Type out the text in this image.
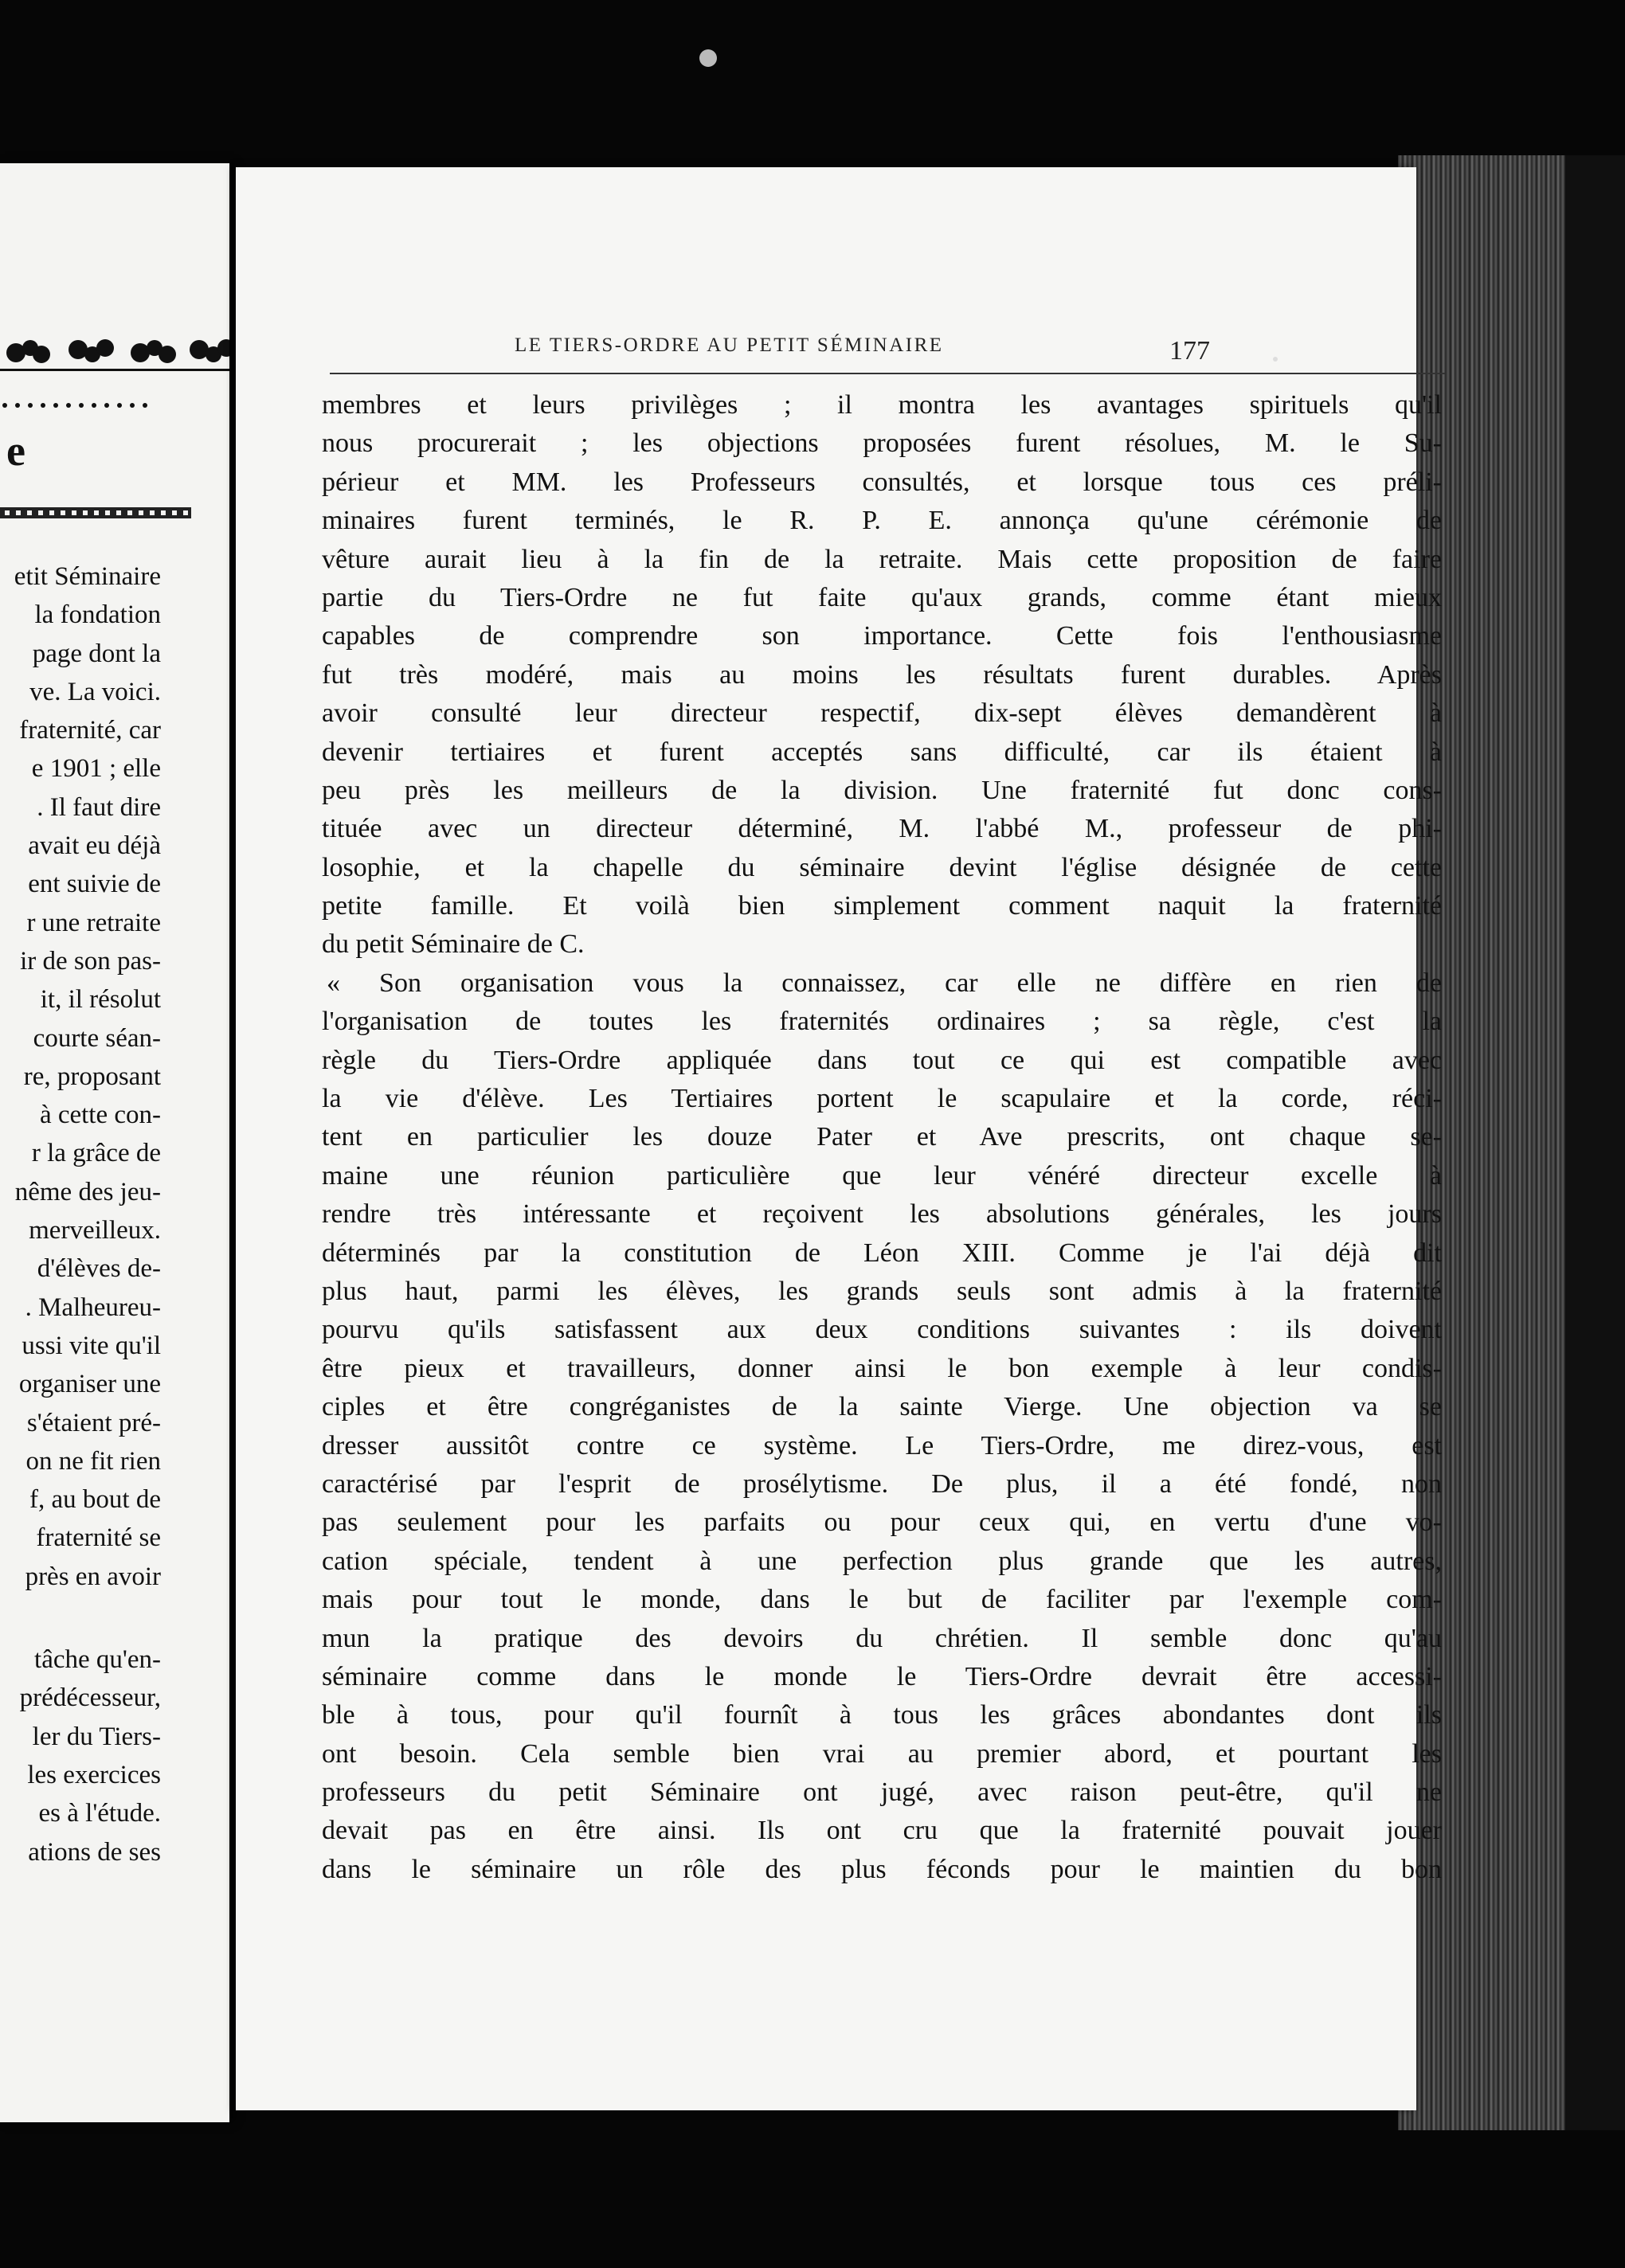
e
etit Séminaire
la fondation
page dont la
ve. La voici.
fraternité, car
e 1901 ; elle
. Il faut dire
avait eu déjà
ent suivie de
r une retraite
ir de son pas-
it, il résolut
courte séan-
re, proposant
à cette con-
r la grâce de
nême des jeu-
merveilleux.
d'élèves de-
. Malheureu-
ussi vite qu'il
organiser une
s'étaient pré-
on ne fit rien
f, au bout de
fraternité se
près en avoir
tâche qu'en-
prédécesseur,
ler du Tiers-
les exercices
es à l'étude.
ations de ses
LE TIERS-ORDRE AU PETIT SÉMINAIRE	177
membres et leurs privilèges ; il montra les avantages spirituels qu'il
nous procurerait ; les objections proposées furent résolues, M. le Su-
périeur et MM. les Professeurs consultés, et lorsque tous ces préli-
minaires furent terminés, le R. P. E. annonça qu'une cérémonie de
vêture aurait lieu à la fin de la retraite. Mais cette proposition de faire
partie du Tiers-Ordre ne fut faite qu'aux grands, comme étant mieux
capables de comprendre son importance. Cette fois l'enthousiasme
fut très modéré, mais au moins les résultats furent durables. Après
avoir consulté leur directeur respectif, dix-sept élèves demandèrent à
devenir tertiaires et furent acceptés sans difficulté, car ils étaient à
peu près les meilleurs de la division. Une fraternité fut donc cons-
tituée avec un directeur déterminé, M. l'abbé M., professeur de phi-
losophie, et la chapelle du séminaire devint l'église désignée de cette
petite famille. Et voilà bien simplement comment naquit la fraternité
du petit Séminaire de C.
« Son organisation vous la connaissez, car elle ne diffère en rien de
l'organisation de toutes les fraternités ordinaires ; sa règle, c'est la
règle du Tiers-Ordre appliquée dans tout ce qui est compatible avec
la vie d'élève. Les Tertiaires portent le scapulaire et la corde, réci-
tent en particulier les douze Pater et Ave prescrits, ont chaque se-
maine une réunion particulière que leur vénéré directeur excelle à
rendre très intéressante et reçoivent les absolutions générales, les jours
déterminés par la constitution de Léon XIII. Comme je l'ai déjà dit
plus haut, parmi les élèves, les grands seuls sont admis à la fraternité
pourvu qu'ils satisfassent aux deux conditions suivantes : ils doivent
être pieux et travailleurs, donner ainsi le bon exemple à leur condis-
ciples et être congréganistes de la sainte Vierge. Une objection va se
dresser aussitôt contre ce système. Le Tiers-Ordre, me direz-vous, est
caractérisé par l'esprit de prosélytisme. De plus, il a été fondé, non
pas seulement pour les parfaits ou pour ceux qui, en vertu d'une vo-
cation spéciale, tendent à une perfection plus grande que les autres,
mais pour tout le monde, dans le but de faciliter par l'exemple com-
mun la pratique des devoirs du chrétien. Il semble donc qu'au
séminaire comme dans le monde le Tiers-Ordre devrait être accessi-
ble à tous, pour qu'il fournît à tous les grâces abondantes dont ils
ont besoin. Cela semble bien vrai au premier abord, et pourtant les
professeurs du petit Séminaire ont jugé, avec raison peut-être, qu'il ne
devait pas en être ainsi. Ils ont cru que la fraternité pouvait jouer
dans le séminaire un rôle des plus féconds pour le maintien du bon
